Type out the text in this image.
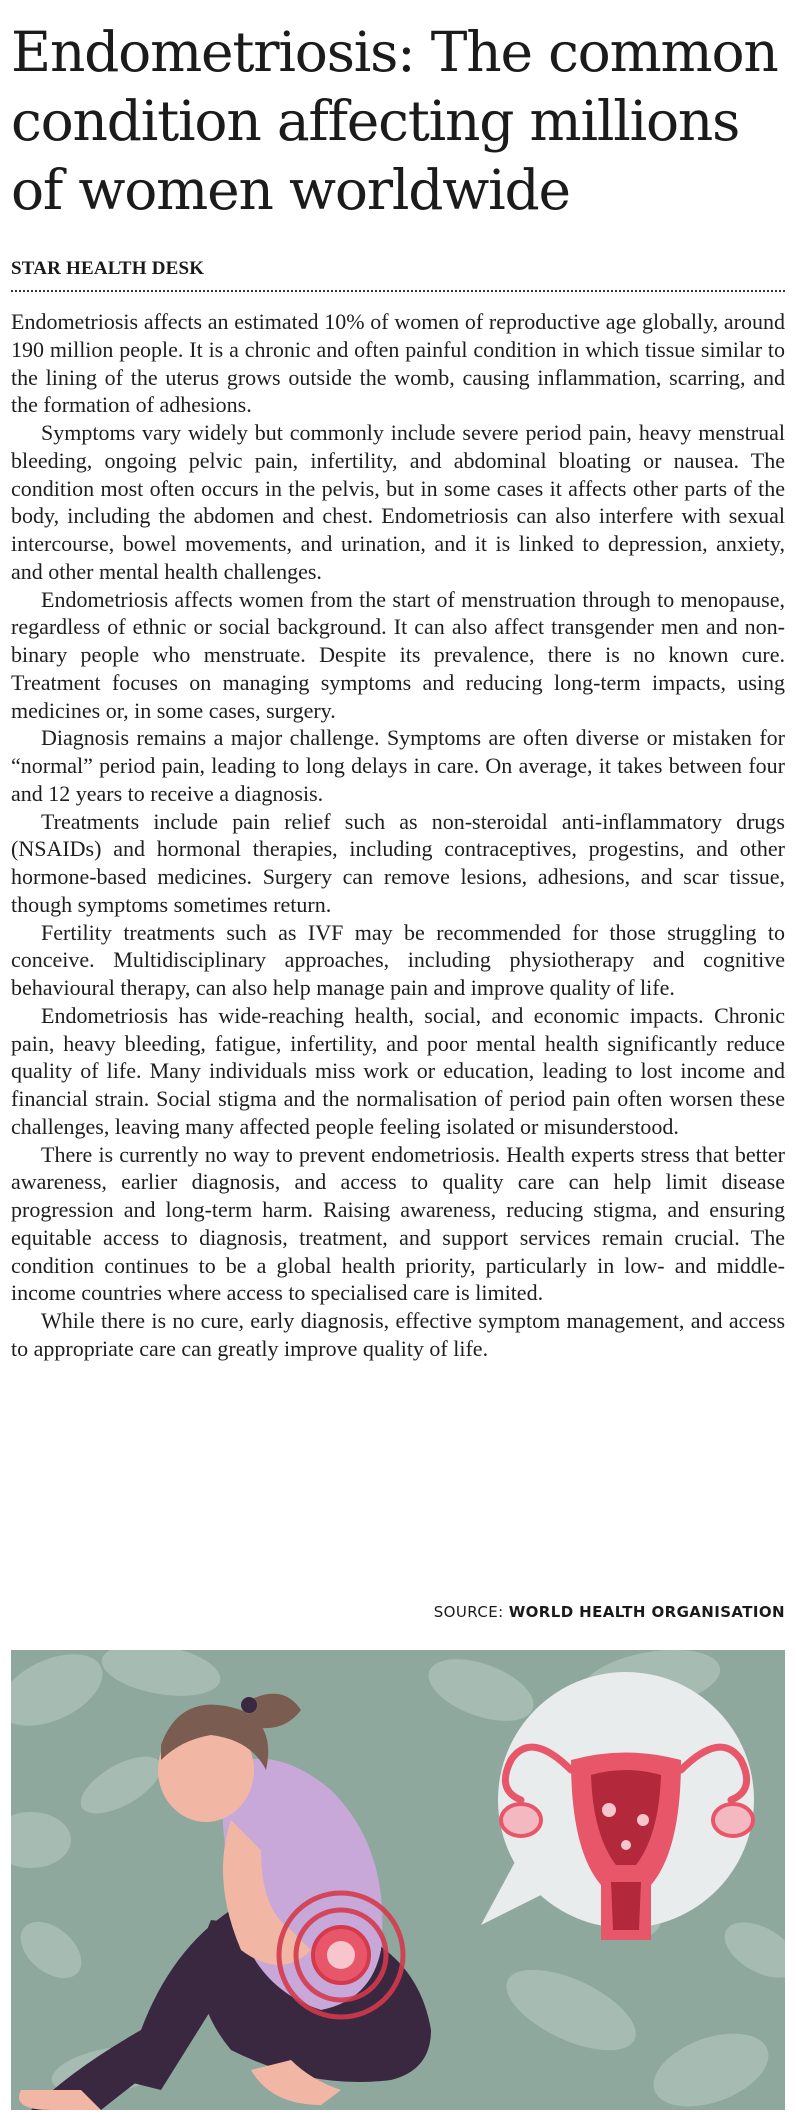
Endometriosis: The common condition affecting millions of women worldwide
STAR HEALTH DESK

Endometriosis affects an estimated 10% of women of reproductive age globally, around 190 million people. It is a chronic and often painful condition in which tissue similar to the lining of the uterus grows outside the womb, causing inflammation, scarring, and the formation of adhesions.

Symptoms vary widely but commonly include severe period pain, heavy menstrual bleeding, ongoing pelvic pain, infertility, and abdominal bloating or nausea. The condition most often occurs in the pelvis, but in some cases it affects other parts of the body, including the abdomen and chest. Endometriosis can also interfere with sexual intercourse, bowel movements, and urination, and it is linked to depression, anxiety, and other mental health challenges.

Endometriosis affects women from the start of menstruation through to menopause, regardless of ethnic or social background. It can also affect transgender men and non-binary people who menstruate. Despite its prevalence, there is no known cure. Treatment focuses on managing symptoms and reducing long-term impacts, using medicines or, in some cases, surgery.

Diagnosis remains a major challenge. Symptoms are often diverse or mistaken for “normal” period pain, leading to long delays in care. On average, it takes between four and 12 years to receive a diagnosis.

Treatments include pain relief such as non-steroidal anti-inflammatory drugs (NSAIDs) and hormonal therapies, including contraceptives, progestins, and other hormone-based medicines. Surgery can remove lesions, adhesions, and scar tissue, though symptoms sometimes return.

Fertility treatments such as IVF may be recommended for those struggling to conceive. Multidisciplinary approaches, including physiotherapy and cognitive behavioural therapy, can also help manage pain and improve quality of life.

Endometriosis has wide-reaching health, social, and economic impacts. Chronic pain, heavy bleeding, fatigue, infertility, and poor mental health significantly reduce quality of life. Many individuals miss work or education, leading to lost income and financial strain. Social stigma and the normalisation of period pain often worsen these challenges, leaving many affected people feeling isolated or misunderstood.

There is currently no way to prevent endometriosis. Health experts stress that better awareness, earlier diagnosis, and access to quality care can help limit disease progression and long-term harm. Raising awareness, reducing stigma, and ensuring equitable access to diagnosis, treatment, and support services remain crucial. The condition continues to be a global health priority, particularly in low- and middle-income countries where access to specialised care is limited.

While there is no cure, early diagnosis, effective symptom management, and access to appropriate care can greatly improve quality of life.

SOURCE: WORLD HEALTH ORGANISATION
